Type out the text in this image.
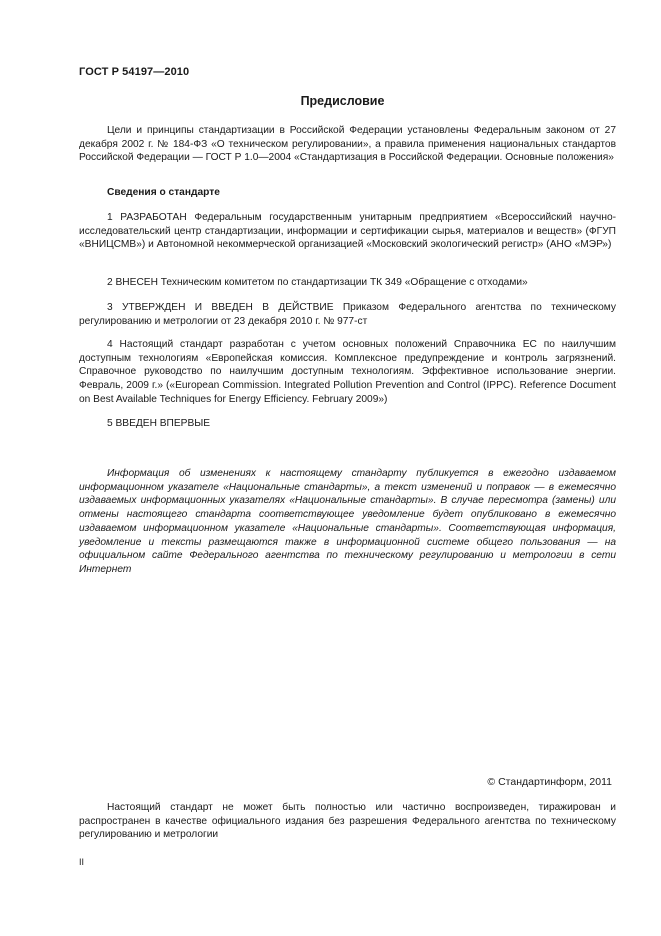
ГОСТ Р 54197—2010
Предисловие

Цели и принципы стандартизации в Российской Федерации установлены Федеральным законом от 27 декабря 2002 г. № 184-ФЗ «О техническом регулировании», а правила применения национальных стандартов Российской Федерации — ГОСТ Р 1.0—2004 «Стандартизация в Российской Федерации. Основные положения»

Сведения о стандарте

1 РАЗРАБОТАН Федеральным государственным унитарным предприятием «Всероссийский научно-исследовательский центр стандартизации, информации и сертификации сырья, материалов и веществ» (ФГУП «ВНИЦСМВ») и Автономной некоммерческой организацией «Московский экологический регистр» (АНО «МЭР»)

2 ВНЕСЕН Техническим комитетом по стандартизации ТК 349 «Обращение с отходами»

3 УТВЕРЖДЕН И ВВЕДЕН В ДЕЙСТВИЕ Приказом Федерального агентства по техническому регулированию и метрологии от 23 декабря 2010 г. № 977-ст

4 Настоящий стандарт разработан с учетом основных положений Справочника ЕС по наилучшим доступным технологиям «Европейская комиссия. Комплексное предупреждение и контроль загрязнений. Справочное руководство по наилучшим доступным технологиям. Эффективное использование энергии. Февраль, 2009 г.» («European Commission. Integrated Pollution Prevention and Control (IPPC). Reference Document on Best Available Techniques for Energy Efficiency. February 2009»)

5 ВВЕДЕН ВПЕРВЫЕ

Информация об изменениях к настоящему стандарту публикуется в ежегодно издаваемом информационном указателе «Национальные стандарты», а текст изменений и поправок — в ежемесячно издаваемых информационных указателях «Национальные стандарты». В случае пересмотра (замены) или отмены настоящего стандарта соответствующее уведомление будет опубликовано в ежемесячно издаваемом информационном указателе «Национальные стандарты». Соответствующая информация, уведомление и тексты размещаются также в информационной системе общего пользования — на официальном сайте Федерального агентства по техническому регулированию и метрологии в сети Интернет

© Стандартинформ, 2011

Настоящий стандарт не может быть полностью или частично воспроизведен, тиражирован и распространен в качестве официального издания без разрешения Федерального агентства по техническому регулированию и метрологии

II
